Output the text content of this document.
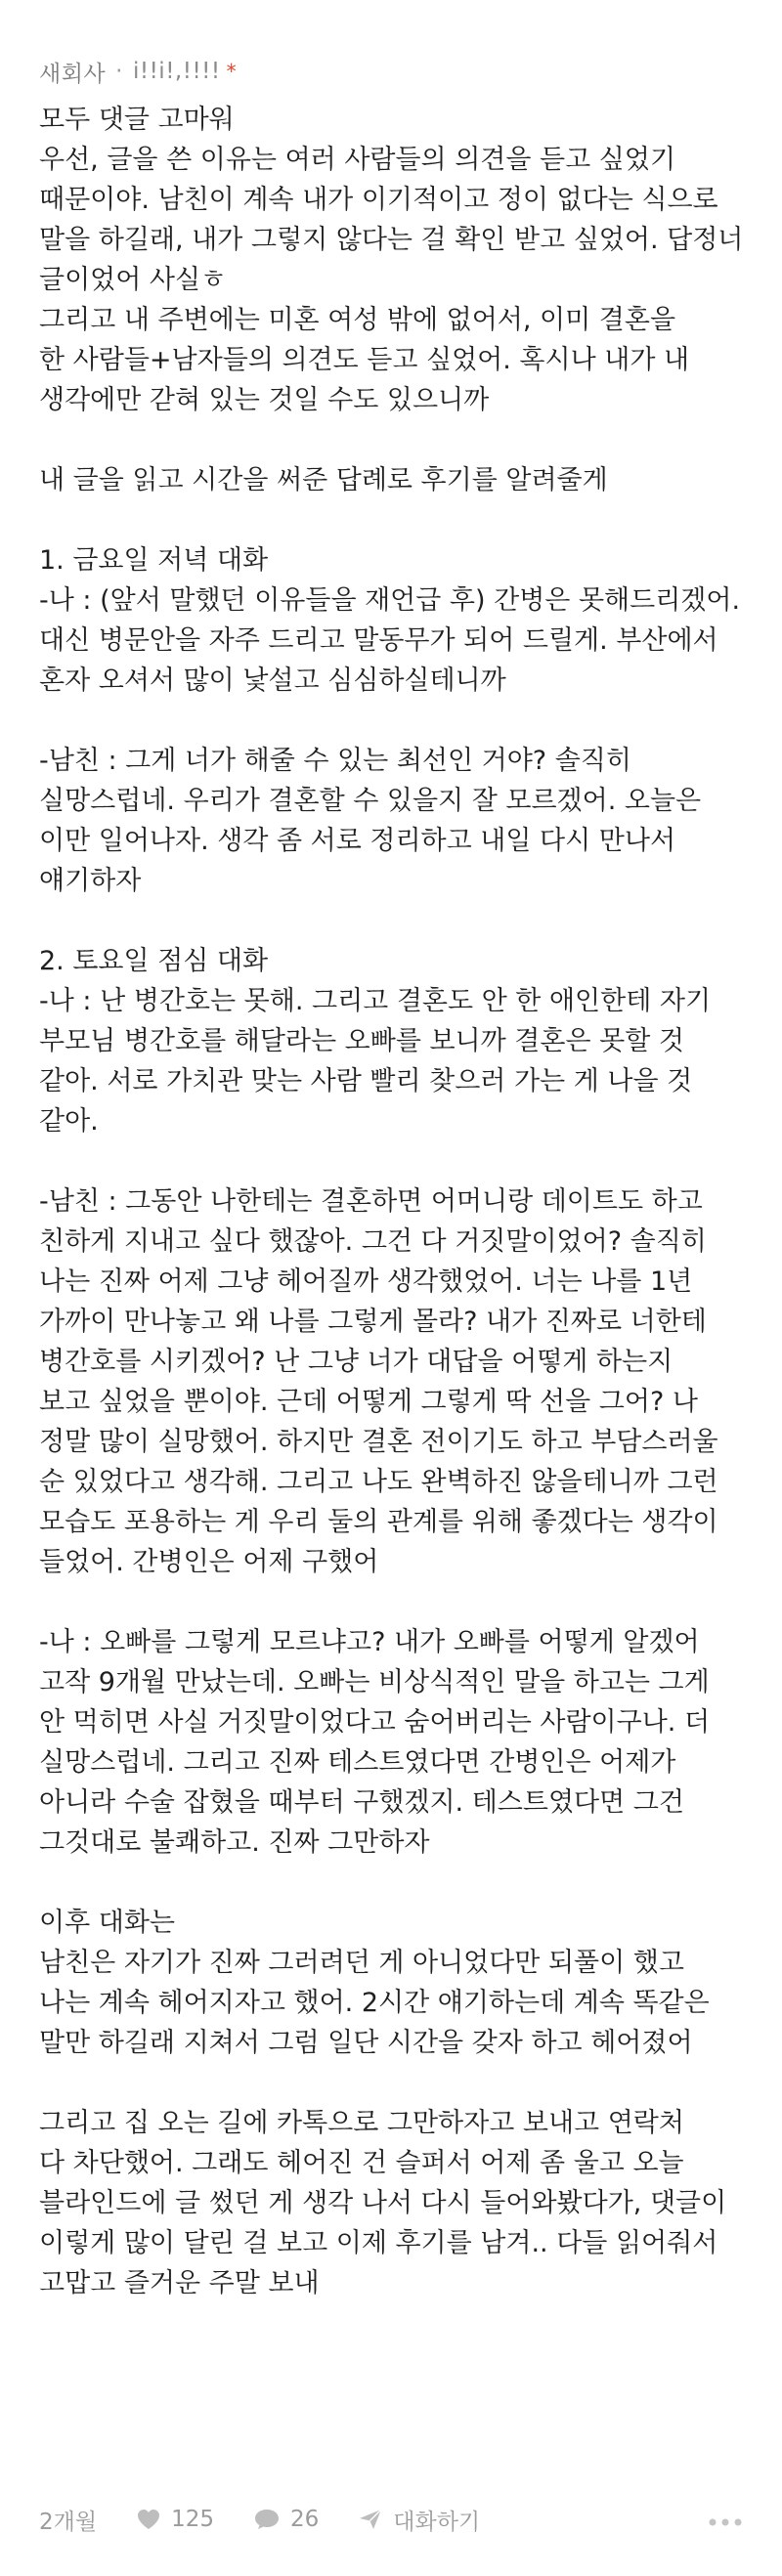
새회사 · i!!i!,!!!! *
모두 댓글 고마워
우선, 글을 쓴 이유는 여러 사람들의 의견을 듣고 싶었기
때문이야. 남친이 계속 내가 이기적이고 정이 없다는 식으로
말을 하길래, 내가 그렇지 않다는 걸 확인 받고 싶었어. 답정너
글이었어 사실ㅎ
그리고 내 주변에는 미혼 여성 밖에 없어서, 이미 결혼을
한 사람들+남자들의 의견도 듣고 싶었어. 혹시나 내가 내
생각에만 갇혀 있는 것일 수도 있으니까
내 글을 읽고 시간을 써준 답례로 후기를 알려줄게
1. 금요일 저녁 대화
-나 : (앞서 말했던 이유들을 재언급 후) 간병은 못해드리겠어.
대신 병문안을 자주 드리고 말동무가 되어 드릴게. 부산에서
혼자 오셔서 많이 낯설고 심심하실테니까
-남친 : 그게 너가 해줄 수 있는 최선인 거야? 솔직히
실망스럽네. 우리가 결혼할 수 있을지 잘 모르겠어. 오늘은
이만 일어나자. 생각 좀 서로 정리하고 내일 다시 만나서
얘기하자
2. 토요일 점심 대화
-나 : 난 병간호는 못해. 그리고 결혼도 안 한 애인한테 자기
부모님 병간호를 해달라는 오빠를 보니까 결혼은 못할 것
같아. 서로 가치관 맞는 사람 빨리 찾으러 가는 게 나을 것
같아.
-남친 : 그동안 나한테는 결혼하면 어머니랑 데이트도 하고
친하게 지내고 싶다 했잖아. 그건 다 거짓말이었어? 솔직히
나는 진짜 어제 그냥 헤어질까 생각했었어. 너는 나를 1년
가까이 만나놓고 왜 나를 그렇게 몰라? 내가 진짜로 너한테
병간호를 시키겠어? 난 그냥 너가 대답을 어떻게 하는지
보고 싶었을 뿐이야. 근데 어떻게 그렇게 딱 선을 그어? 나
정말 많이 실망했어. 하지만 결혼 전이기도 하고 부담스러울
순 있었다고 생각해. 그리고 나도 완벽하진 않을테니까 그런
모습도 포용하는 게 우리 둘의 관계를 위해 좋겠다는 생각이
들었어. 간병인은 어제 구했어
-나 : 오빠를 그렇게 모르냐고? 내가 오빠를 어떻게 알겠어
고작 9개월 만났는데. 오빠는 비상식적인 말을 하고는 그게
안 먹히면 사실 거짓말이었다고 숨어버리는 사람이구나. 더
실망스럽네. 그리고 진짜 테스트였다면 간병인은 어제가
아니라 수술 잡혔을 때부터 구했겠지. 테스트였다면 그건
그것대로 불쾌하고. 진짜 그만하자
이후 대화는
남친은 자기가 진짜 그러려던 게 아니었다만 되풀이 했고
나는 계속 헤어지자고 했어. 2시간 얘기하는데 계속 똑같은
말만 하길래 지쳐서 그럼 일단 시간을 갖자 하고 헤어졌어
그리고 집 오는 길에 카톡으로 그만하자고 보내고 연락처
다 차단했어. 그래도 헤어진 건 슬퍼서 어제 좀 울고 오늘
블라인드에 글 썼던 게 생각 나서 다시 들어와봤다가, 댓글이
이렇게 많이 달린 걸 보고 이제 후기를 남겨.. 다들 읽어줘서
고맙고 즐거운 주말 보내
2개월	125	26	대화하기
